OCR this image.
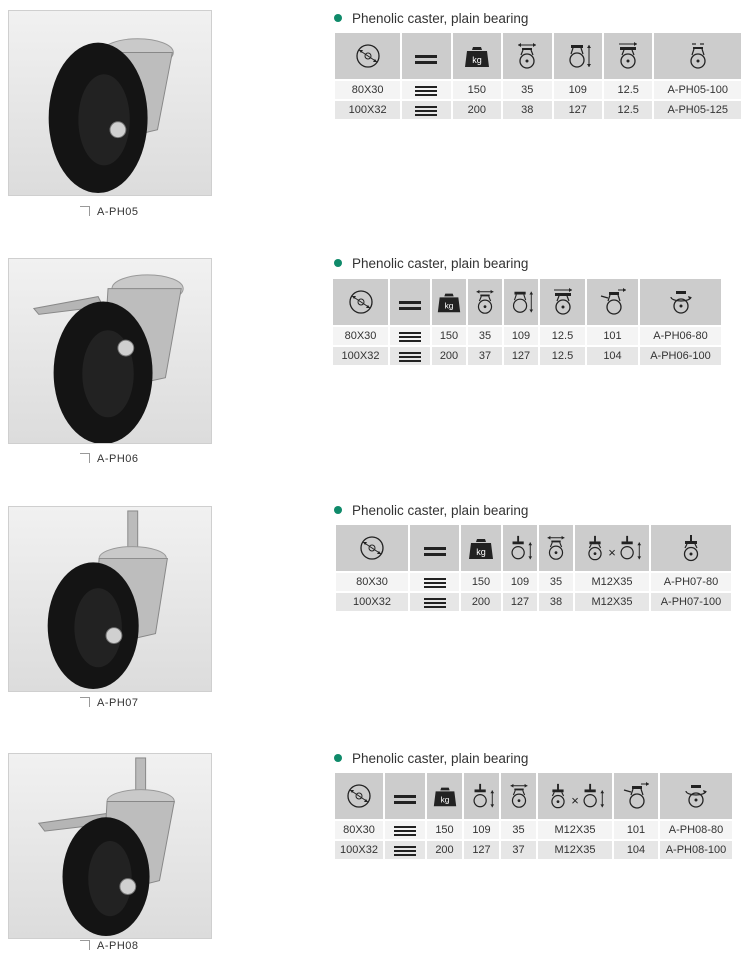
A-PH05
Phenolic caster, plain bearing

kg

80X30		150	35	109	12.5	A-PH05-100
100X32		200	38	127	12.5	A-PH05-125
A-PH06
Phenolic caster, plain bearing

kg

80X30		150	35	109	12.5	101	A-PH06-80
100X32		200	37	127	12.5	104	A-PH06-100
A-PH07
Phenolic caster, plain bearing

kg			×

80X30		150	109	35	M12X35	A-PH07-80
100X32		200	127	38	M12X35	A-PH07-100
A-PH08
Phenolic caster, plain bearing

kg			×

80X30		150	109	35	M12X35	101	A-PH08-80
100X32		200	127	37	M12X35	104	A-PH08-100
